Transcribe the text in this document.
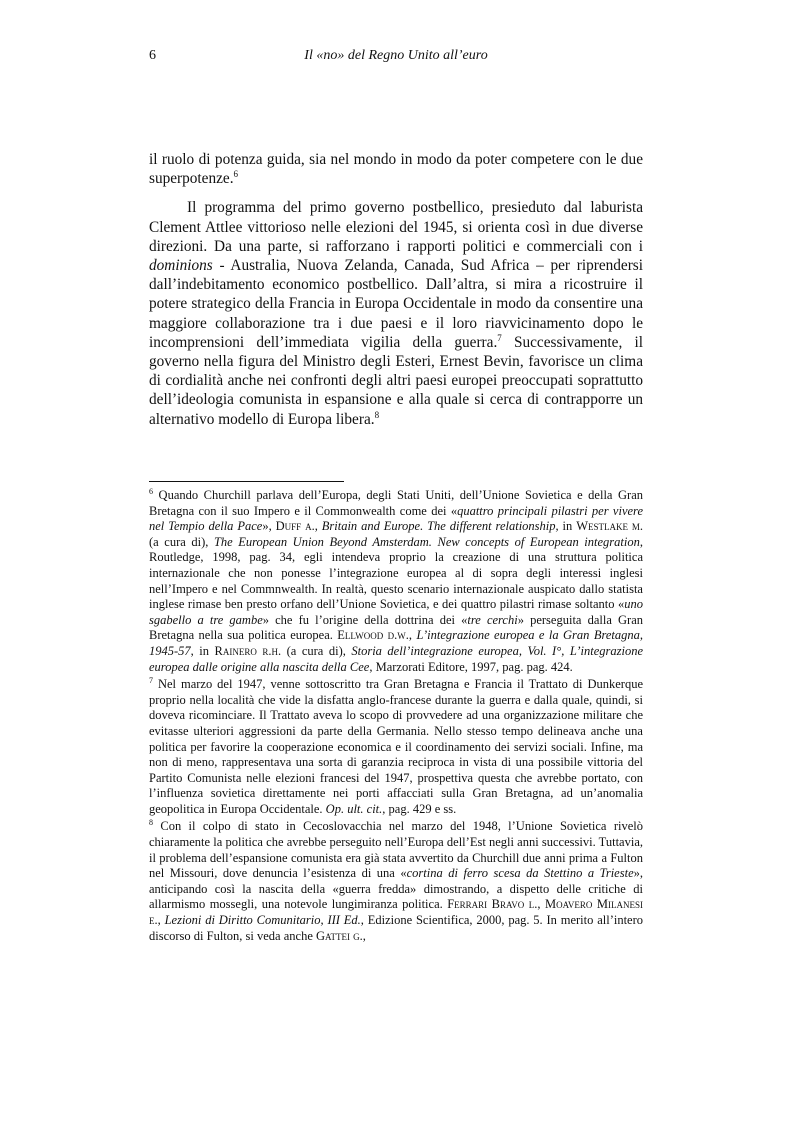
6	Il «no» del Regno Unito all’euro

il ruolo di potenza guida, sia nel mondo in modo da poter competere con le due superpotenze.$^6$

Il programma del primo governo postbellico, presieduto dal laburista Clement Attlee vittorioso nelle elezioni del 1945, si orienta così in due diverse direzioni. Da una parte, si rafforzano i rapporti politici e commerciali con i dominions - Australia, Nuova Zelanda, Canada, Sud Africa – per riprendersi dall’indebitamento economico postbellico. Dall’altra, si mira a ricostruire il potere strategico della Francia in Europa Occidentale in modo da consentire una maggiore collaborazione tra i due paesi e il loro riavvicinamento dopo le incomprensioni dell’immediata vigilia della guerra.$^7$ Successivamente, il governo nella figura del Ministro degli Esteri, Ernest Bevin, favorisce un clima di cordialità anche nei confronti degli altri paesi europei preoccupati soprattutto dell’ideologia comunista in espansione e alla quale si cerca di contrapporre un alternativo modello di Europa libera.$^8$

$^6$ Quando Churchill parlava dell’Europa, degli Stati Uniti, dell’Unione Sovietica e della Gran Bretagna con il suo Impero e il Commonwealth come dei «quattro principali pilastri per vivere nel Tempio della Pace», Duff a., Britain and Europe. The different relationship, in Westlake m. (a cura di), The European Union Beyond Amsterdam. New concepts of European integration, Routledge, 1998, pag. 34, egli intendeva proprio la creazione di una struttura politica internazionale che non ponesse l’integrazione europea al di sopra degli interessi inglesi nell’Impero e nel Commnwealth. In realtà, questo scenario internazionale auspicato dallo statista inglese rimase ben presto orfano dell’Unione Sovietica, e dei quattro pilastri rimase soltanto «uno sgabello a tre gambe» che fu l’origine della dottrina dei «tre cerchi» perseguita dalla Gran Bretagna nella sua politica europea. Ellwood d.w., L’integrazione europea e la Gran Bretagna, 1945-57, in Rainero r.h. (a cura di), Storia dell’integrazione europea, Vol. I°, L’integrazione europea dalle origine alla nascita della Cee, Marzorati Editore, 1997, pag. pag. 424.

$^7$ Nel marzo del 1947, venne sottoscritto tra Gran Bretagna e Francia il Trattato di Dunkerque proprio nella località che vide la disfatta anglo-francese durante la guerra e dalla quale, quindi, si doveva ricominciare. Il Trattato aveva lo scopo di provvedere ad una organizzazione militare che evitasse ulteriori aggressioni da parte della Germania. Nello stesso tempo delineava anche una politica per favorire la cooperazione economica e il coordinamento dei servizi sociali. Infine, ma non di meno, rappresentava una sorta di garanzia reciproca in vista di una possibile vittoria del Partito Comunista nelle elezioni francesi del 1947, prospettiva questa che avrebbe portato, con l’influenza sovietica direttamente nei porti affacciati sulla Gran Bretagna, ad un’anomalia geopolitica in Europa Occidentale. Op. ult. cit., pag. 429 e ss.

$^8$ Con il colpo di stato in Cecoslovacchia nel marzo del 1948, l’Unione Sovietica rivelò chiaramente la politica che avrebbe perseguito nell’Europa dell’Est negli anni successivi. Tuttavia, il problema dell’espansione comunista era già stata avvertito da Churchill due anni prima a Fulton nel Missouri, dove denuncia l’esistenza di una «cortina di ferro scesa da Stettino a Trieste», anticipando così la nascita della «guerra fredda» dimostrando, a dispetto delle critiche di allarmismo mossegli, una notevole lungimiranza politica. Ferrari Bravo l., Moavero Milanesi e., Lezioni di Diritto Comunitario, III Ed., Edizione Scientifica, 2000, pag. 5. In merito all’intero discorso di Fulton, si veda anche Gattei g.,
